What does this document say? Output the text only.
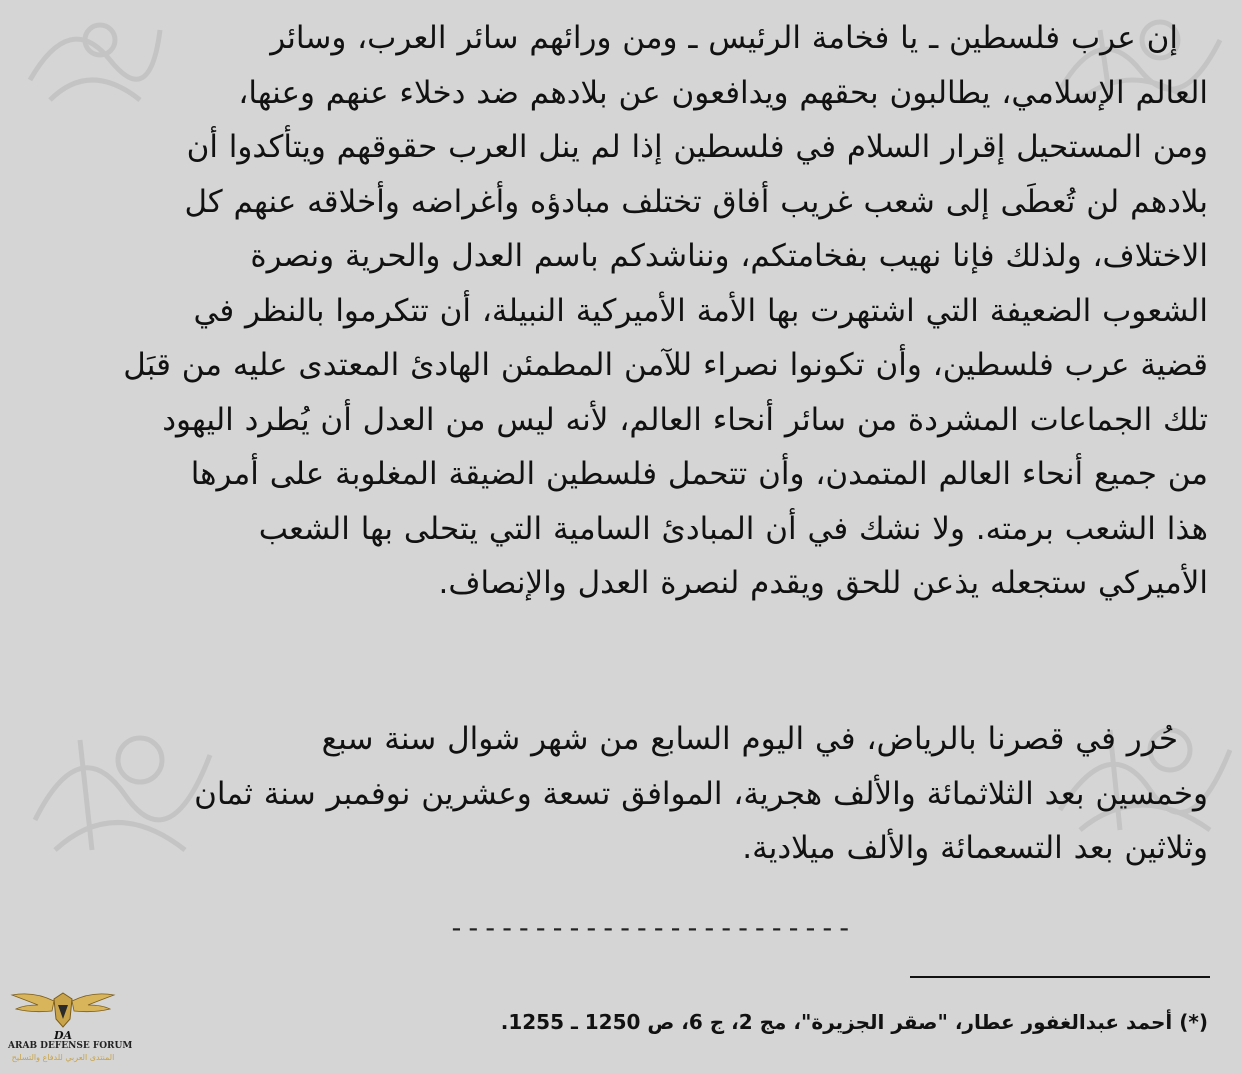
إن عرب فلسطين ـ يا فخامة الرئيس ـ ومن ورائهم سائر العرب، وسائر
العالم الإسلامي، يطالبون بحقهم ويدافعون عن بلادهم ضد دخلاء عنهم وعنها،
ومن المستحيل إقرار السلام في فلسطين إذا لم ينل العرب حقوقهم ويتأكدوا أن
بلادهم لن تُعطَى إلى شعب غريب أفاق تختلف مبادؤه وأغراضه وأخلاقه عنهم كل
الاختلاف، ولذلك فإنا نهيب بفخامتكم، ونناشدكم باسم العدل والحرية ونصرة
الشعوب الضعيفة التي اشتهرت بها الأمة الأميركية النبيلة، أن تتكرموا بالنظر في
قضية عرب فلسطين، وأن تكونوا نصراء للآمن المطمئن الهادئ المعتدى عليه من قبَل
تلك الجماعات المشردة من سائر أنحاء العالم، لأنه ليس من العدل أن يُطرد اليهود
من جميع أنحاء العالم المتمدن، وأن تتحمل فلسطين الضيقة المغلوبة على أمرها
هذا الشعب برمته. ولا نشك في أن المبادئ السامية التي يتحلى بها الشعب
الأميركي ستجعله يذعن للحق ويقدم لنصرة العدل والإنصاف.
حُرر في قصرنا بالرياض، في اليوم السابع من شهر شوال سنة سبع
وخمسين بعد الثلاثمائة والألف هجرية، الموافق تسعة وعشرين نوفمبر سنة ثمان
وثلاثين بعد التسعمائة والألف ميلادية.
------------------------
(*) أحمد عبدالغفور عطار، "صقر الجزيرة"، مج 2، ج 6، ص 1250 ـ 1255.
DA
ARAB DEFENSE FORUM
المنتدى العربي للدفاع والتسليح
